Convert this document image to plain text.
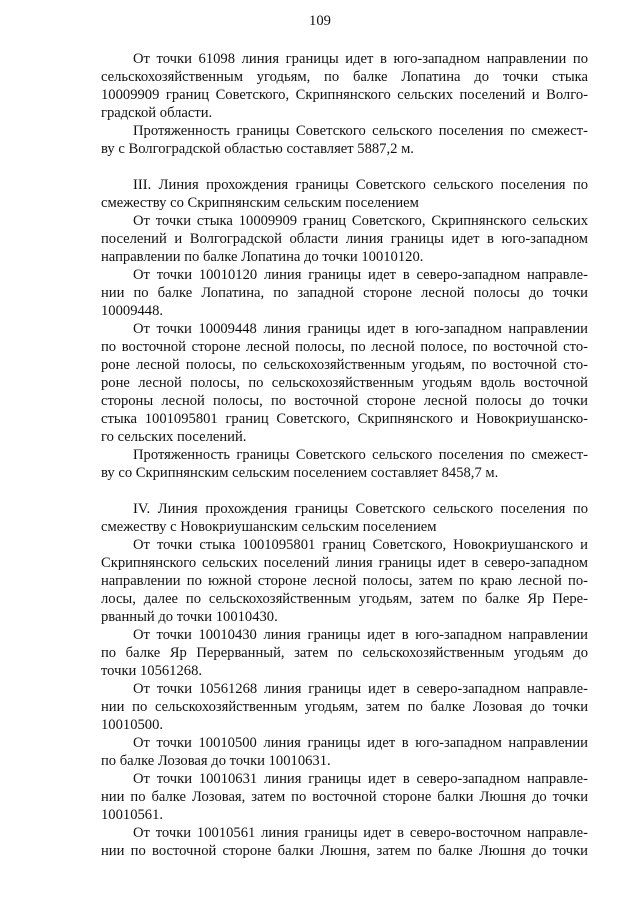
109
От точки 61098 линия границы идет в юго-западном направлении по
сельскохозяйственным угодьям, по балке Лопатина до точки стыка
10009909 границ Советского, Скрипнянского сельских поселений и Волго-
градской области.
Протяженность границы Советского сельского поселения по смежест-
ву с Волгоградской областью составляет 5887,2 м.
III. Линия прохождения границы Советского сельского поселения по
смежеству со Скрипнянским сельским поселением
От точки стыка 10009909 границ Советского, Скрипнянского сельских
поселений и Волгоградской области линия границы идет в юго-западном
направлении по балке Лопатина до точки 10010120.
От точки 10010120 линия границы идет в северо-западном направле-
нии по балке Лопатина, по западной стороне лесной полосы до точки
10009448.
От точки 10009448 линия границы идет в юго-западном направлении
по восточной стороне лесной полосы, по лесной полосе, по восточной сто-
роне лесной полосы, по сельскохозяйственным угодьям, по восточной сто-
роне лесной полосы, по сельскохозяйственным угодьям вдоль восточной
стороны лесной полосы, по восточной стороне лесной полосы до точки
стыка 1001095801 границ Советского, Скрипнянского и Новокриушанско-
го сельских поселений.
Протяженность границы Советского сельского поселения по смежест-
ву со Скрипнянским сельским поселением составляет 8458,7 м.
IV. Линия прохождения границы Советского сельского поселения по
смежеству с Новокриушанским сельским поселением
От точки стыка 1001095801 границ Советского, Новокриушанского и
Скрипнянского сельских поселений линия границы идет в северо-западном
направлении по южной стороне лесной полосы, затем по краю лесной по-
лосы, далее по сельскохозяйственным угодьям, затем по балке Яр Пере-
рванный до точки 10010430.
От точки 10010430 линия границы идет в юго-западном направлении
по балке Яр Перерванный, затем по сельскохозяйственным угодьям до
точки 10561268.
От точки 10561268 линия границы идет в северо-западном направле-
нии по сельскохозяйственным угодьям, затем по балке Лозовая до точки
10010500.
От точки 10010500 линия границы идет в юго-западном направлении
по балке Лозовая до точки 10010631.
От точки 10010631 линия границы идет в северо-западном направле-
нии по балке Лозовая, затем по восточной стороне балки Люшня до точки
10010561.
От точки 10010561 линия границы идет в северо-восточном направле-
нии по восточной стороне балки Люшня, затем по балке Люшня до точки
